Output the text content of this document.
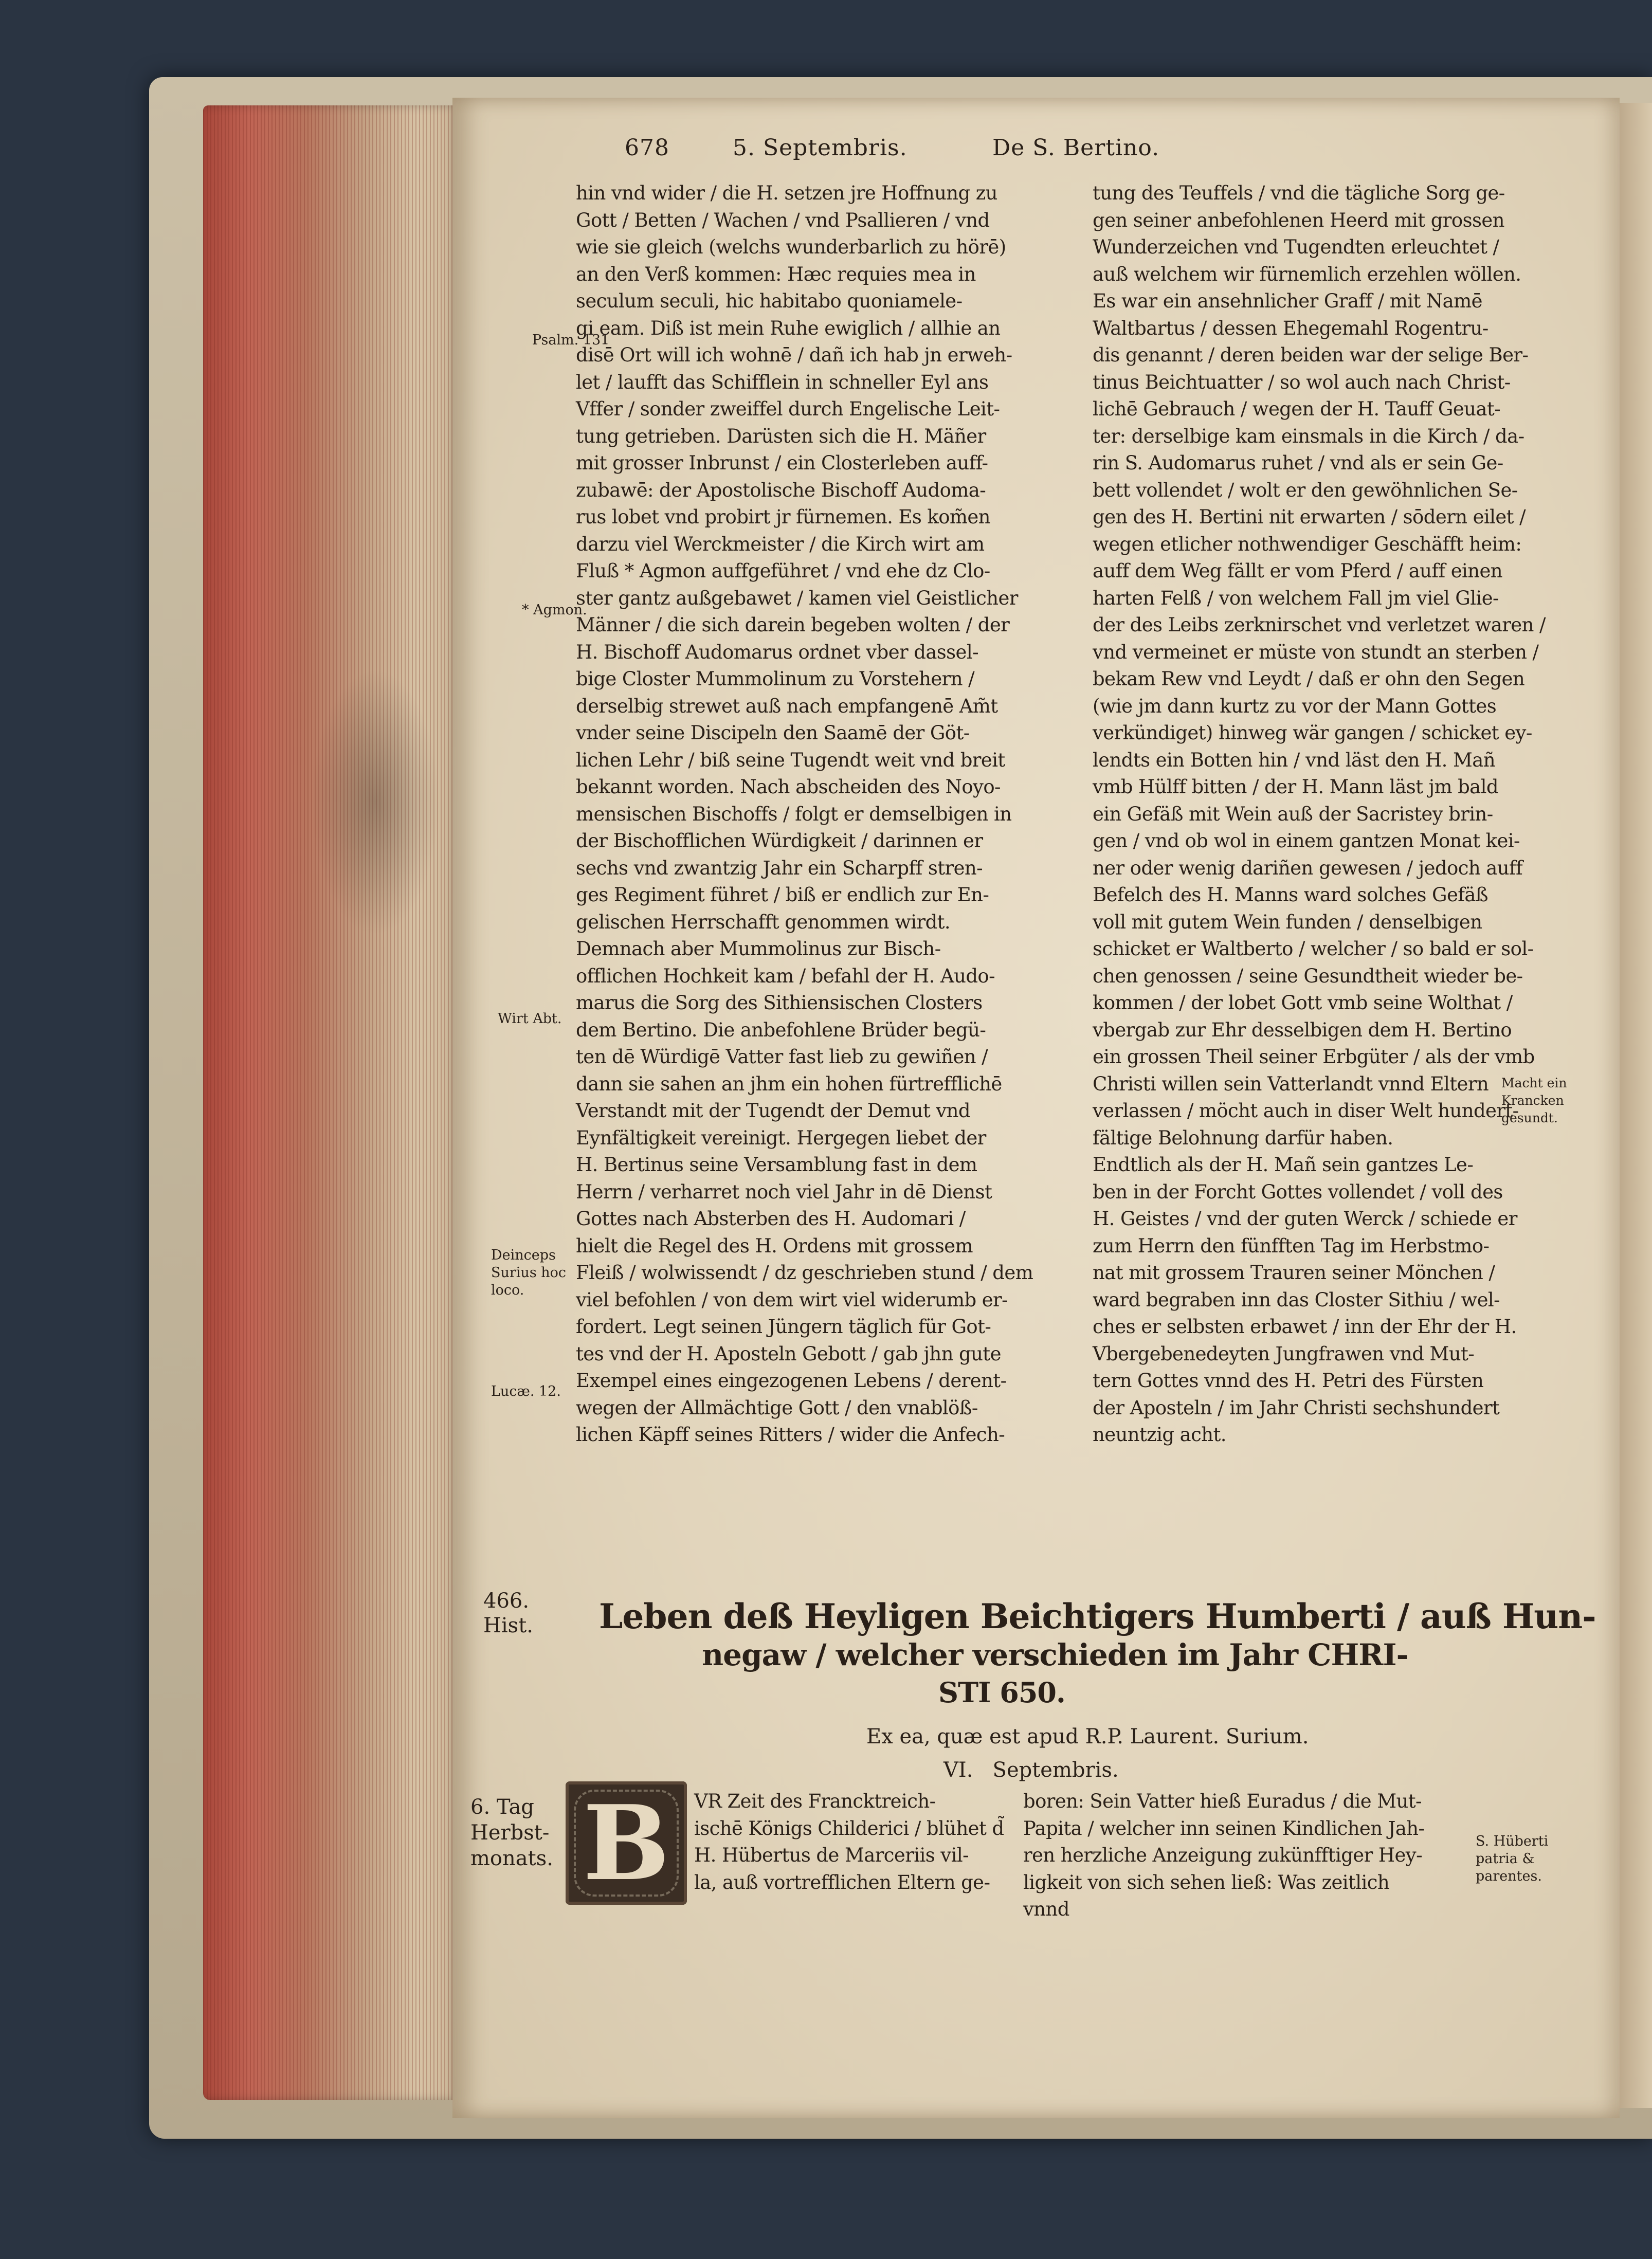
678	5. Septembris.	De S. Bertino.
hin vnd wider / die H. setzen jre Hoffnung zu
Gott / Betten / Wachen / vnd Psallieren / vnd
wie sie gleich (welchs wunderbarlich zu hörē)
an den Verß kommen: Hæc requies mea in
seculum seculi, hic habitabo quoniamele-
gi eam. Diß ist mein Ruhe ewiglich / allhie an
disē Ort will ich wohnē / dañ ich hab jn erweh-
let / laufft das Schifflein in schneller Eyl ans
Vffer / sonder zweiffel durch Engelische Leit-
tung getrieben. Darüsten sich die H. Mäñer
mit grosser Inbrunst / ein Closterleben auff-
zubawē: der Apostolische Bischoff Audoma-
rus lobet vnd probirt jr fürnemen. Es kom̃en
darzu viel Werckmeister / die Kirch wirt am
Fluß * Agmon auffgeführet / vnd ehe dz Clo-
ster gantz außgebawet / kamen viel Geistlicher
Männer / die sich darein begeben wolten / der
H. Bischoff Audomarus ordnet vber dassel-
bige Closter Mummolinum zu Vorstehern /
derselbig strewet auß nach empfangenē Am̃t
vnder seine Discipeln den Saamē der Göt-
lichen Lehr / biß seine Tugendt weit vnd breit
bekannt worden. Nach abscheiden des Noyo-
mensischen Bischoffs / folgt er demselbigen in
der Bischofflichen Würdigkeit / darinnen er
sechs vnd zwantzig Jahr ein Scharpff stren-
ges Regiment führet / biß er endlich zur En-
gelischen Herrschafft genommen wirdt.
Demnach aber Mummolinus zur Bisch-
offlichen Hochkeit kam / befahl der H. Audo-
marus die Sorg des Sithiensischen Closters
dem Bertino. Die anbefohlene Brüder begü-
ten dē Würdigē Vatter fast lieb zu gewiñen /
dann sie sahen an jhm ein hohen fürtrefflichē
Verstandt mit der Tugendt der Demut vnd
Eynfältigkeit vereinigt. Hergegen liebet der
H. Bertinus seine Versamblung fast in dem
Herrn / verharret noch viel Jahr in dē Dienst
Gottes nach Absterben des H. Audomari /
hielt die Regel des H. Ordens mit grossem
Fleiß / wolwissendt / dz geschrieben stund / dem
viel befohlen / von dem wirt viel widerumb er-
fordert. Legt seinen Jüngern täglich für Got-
tes vnd der H. Aposteln Gebott / gab jhn gute
Exempel eines eingezogenen Lebens / derent-
wegen der Allmächtige Gott / den vnablöß-
lichen Käpff seines Ritters / wider die Anfech-
tung des Teuffels / vnd die tägliche Sorg ge-
gen seiner anbefohlenen Heerd mit grossen
Wunderzeichen vnd Tugendten erleuchtet /
auß welchem wir fürnemlich erzehlen wöllen.
Es war ein ansehnlicher Graff / mit Namē
Waltbartus / dessen Ehegemahl Rogentru-
dis genannt / deren beiden war der selige Ber-
tinus Beichtuatter / so wol auch nach Christ-
lichē Gebrauch / wegen der H. Tauff Geuat-
ter: derselbige kam einsmals in die Kirch / da-
rin S. Audomarus ruhet / vnd als er sein Ge-
bett vollendet / wolt er den gewöhnlichen Se-
gen des H. Bertini nit erwarten / sōdern eilet /
wegen etlicher nothwendiger Geschäfft heim:
auff dem Weg fällt er vom Pferd / auff einen
harten Felß / von welchem Fall jm viel Glie-
der des Leibs zerknirschet vnd verletzet waren /
vnd vermeinet er müste von stundt an sterben /
bekam Rew vnd Leydt / daß er ohn den Segen
(wie jm dann kurtz zu vor der Mann Gottes
verkündiget) hinweg wär gangen / schicket ey-
lendts ein Botten hin / vnd läst den H. Mañ
vmb Hülff bitten / der H. Mann läst jm bald
ein Gefäß mit Wein auß der Sacristey brin-
gen / vnd ob wol in einem gantzen Monat kei-
ner oder wenig dariñen gewesen / jedoch auff
Befelch des H. Manns ward solches Gefäß
voll mit gutem Wein funden / denselbigen
schicket er Waltberto / welcher / so bald er sol-
chen genossen / seine Gesundtheit wieder be-
kommen / der lobet Gott vmb seine Wolthat /
vbergab zur Ehr desselbigen dem H. Bertino
ein grossen Theil seiner Erbgüter / als der vmb
Christi willen sein Vatterlandt vnnd Eltern
verlassen / möcht auch in diser Welt hundert-
fältige Belohnung darfür haben.
Endtlich als der H. Mañ sein gantzes Le-
ben in der Forcht Gottes vollendet / voll des
H. Geistes / vnd der guten Werck / schiede er
zum Herrn den fünfften Tag im Herbstmo-
nat mit grossem Trauren seiner Mönchen /
ward begraben inn das Closter Sithiu / wel-
ches er selbsten erbawet / inn der Ehr der H.
Vbergebenedeyten Jungfrawen vnd Mut-
tern Gottes vnnd des H. Petri des Fürsten
der Aposteln / im Jahr Christi sechshundert
neuntzig acht.
Psalm. 131
* Agmon.
Wirt Abt.
Deinceps
Surius hoc
loco.
Lucæ. 12.
Macht ein
Krancken
gesundt.
466.
Hist.
6. Tag
Herbst-
monats.
S. Hüberti
patria &
parentes.
Leben deß Heyligen Beichtigers Humberti / auß Hun-
negaw / welcher verschieden im Jahr CHRI-
STI 650.
Ex ea, quæ est apud R.P. Laurent. Surium.
VI.   Septembris.
B	VR Zeit des Francktreich-
ischē Königs Childerici / blühet d̃
H. Hübertus de Marceriis vil-
la, auß vortrefflichen Eltern ge-
boren: Sein Vatter hieß Euradus / die Mut-
Papita / welcher inn seinen Kindlichen Jah-
ren herzliche Anzeigung zukünfftiger Hey-
ligkeit von sich sehen ließ: Was zeitlich
vnnd
